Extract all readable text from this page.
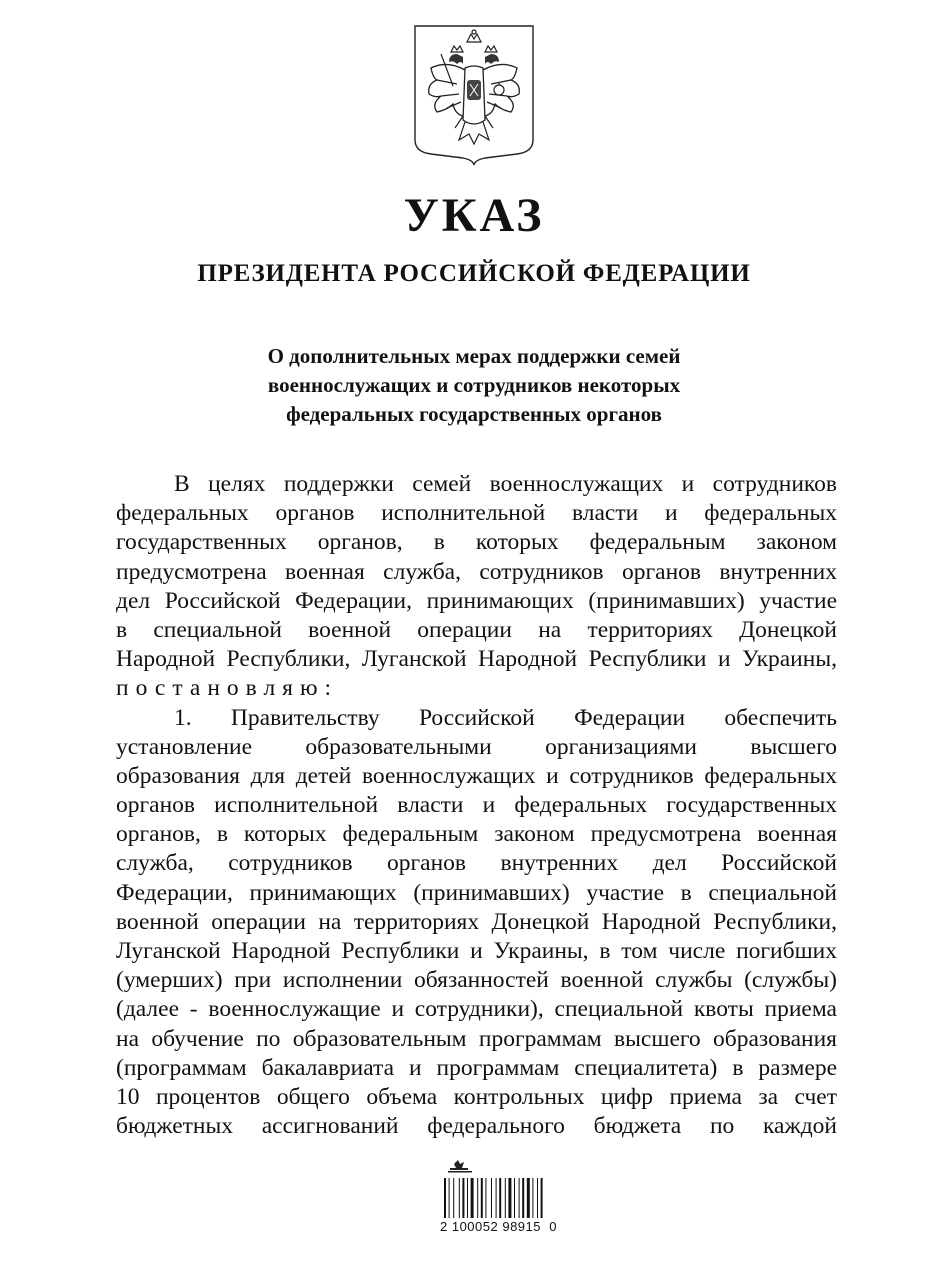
УКАЗ
ПРЕЗИДЕНТА РОССИЙСКОЙ ФЕДЕРАЦИИ
О дополнительных мерах поддержки семей
военнослужащих и сотрудников некоторых
федеральных государственных органов
В целях поддержки семей военнослужащих и сотрудников
федеральных органов исполнительной власти и федеральных
государственных органов, в которых федеральным законом
предусмотрена военная служба, сотрудников органов внутренних
дел Российской Федерации, принимающих (принимавших) участие
в специальной военной операции на территориях Донецкой
Народной Республики, Луганской Народной Республики и Украины,
постановляю:
1. Правительству Российской Федерации обеспечить
установление образовательными организациями высшего
образования для детей военнослужащих и сотрудников федеральных
органов исполнительной власти и федеральных государственных
органов, в которых федеральным законом предусмотрена военная
служба, сотрудников органов внутренних дел Российской
Федерации, принимающих (принимавших) участие в специальной
военной операции на территориях Донецкой Народной Республики,
Луганской Народной Республики и Украины, в том числе погибших
(умерших) при исполнении обязанностей военной службы (службы)
(далее - военнослужащие и сотрудники), специальной квоты приема
на обучение по образовательным программам высшего образования
(программам бакалавриата и программам специалитета) в размере
10 процентов общего объема контрольных цифр приема за счет
бюджетных ассигнований федерального бюджета по каждой
2 100052 98915  0
